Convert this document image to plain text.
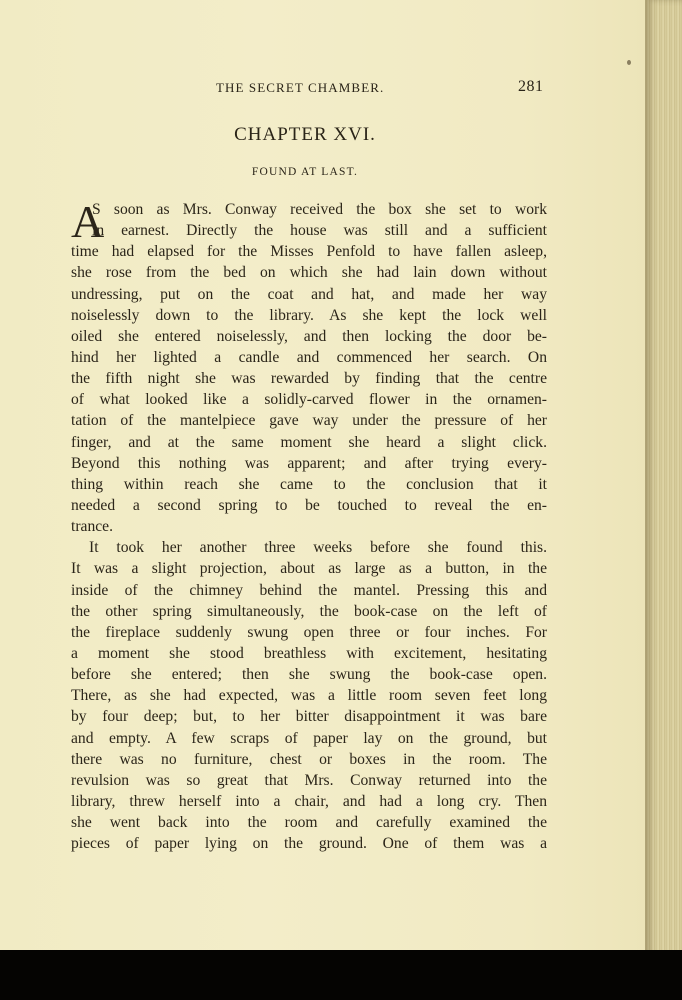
THE SECRET CHAMBER.	281
CHAPTER XVI.
FOUND AT LAST.
A
S soon as Mrs. Conway received the box she set to work
in earnest. Directly the house was still and a sufficient
time had elapsed for the Misses Penfold to have fallen asleep,
she rose from the bed on which she had lain down without
undressing, put on the coat and hat, and made her way
noiselessly down to the library. As she kept the lock well
oiled she entered noiselessly, and then locking the door be-
hind her lighted a candle and commenced her search. On
the fifth night she was rewarded by finding that the centre
of what looked like a solidly-carved flower in the ornamen-
tation of the mantelpiece gave way under the pressure of her
finger, and at the same moment she heard a slight click.
Beyond this nothing was apparent; and after trying every-
thing within reach she came to the conclusion that it
needed a second spring to be touched to reveal the en-
trance.
It took her another three weeks before she found this.
It was a slight projection, about as large as a button, in the
inside of the chimney behind the mantel. Pressing this and
the other spring simultaneously, the book-case on the left of
the fireplace suddenly swung open three or four inches. For
a moment she stood breathless with excitement, hesitating
before she entered; then she swung the book-case open.
There, as she had expected, was a little room seven feet long
by four deep; but, to her bitter disappointment it was bare
and empty. A few scraps of paper lay on the ground, but
there was no furniture, chest or boxes in the room. The
revulsion was so great that Mrs. Conway returned into the
library, threw herself into a chair, and had a long cry. Then
she went back into the room and carefully examined the
pieces of paper lying on the ground. One of them was a
